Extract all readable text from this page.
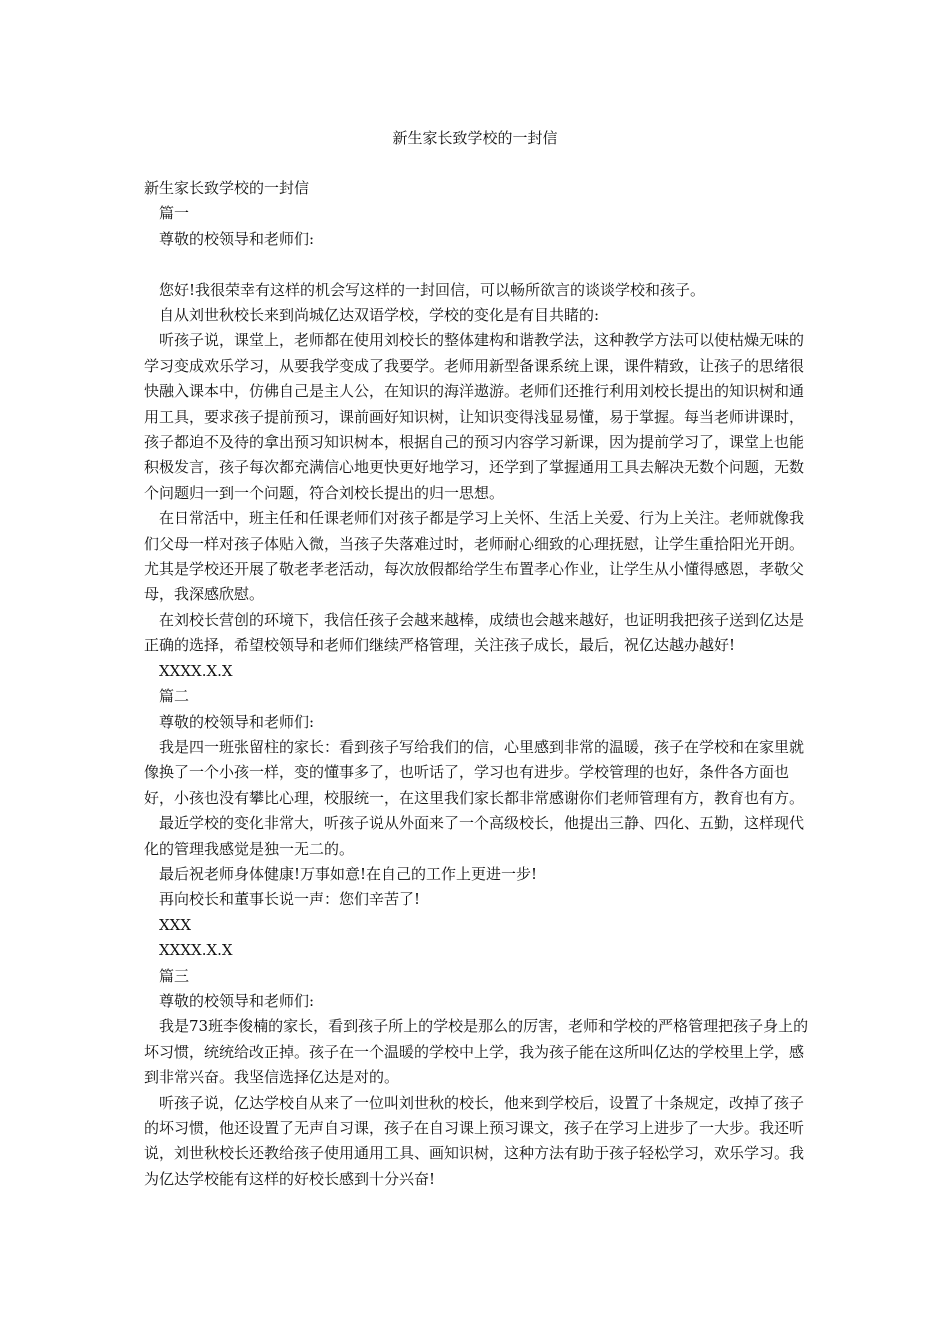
新生家长致学校的一封信

新生家长致学校的一封信

篇一

尊敬的校领导和老师们:

您好!我很荣幸有这样的机会写这样的一封回信，可以畅所欲言的谈谈学校和孩子。

自从刘世秋校长来到尚城亿达双语学校，学校的变化是有目共睹的:

听孩子说，课堂上，老师都在使用刘校长的整体建构和谐教学法，这种教学方法可以使枯燥无味的学习变成欢乐学习，从要我学变成了我要学。老师用新型备课系统上课，课件精致，让孩子的思绪很快融入课本中，仿佛自己是主人公，在知识的海洋遨游。老师们还推行利用刘校长提出的知识树和通用工具，要求孩子提前预习，课前画好知识树，让知识变得浅显易懂，易于掌握。每当老师讲课时，孩子都迫不及待的拿出预习知识树本，根据自己的预习内容学习新课，因为提前学习了，课堂上也能积极发言，孩子每次都充满信心地更快更好地学习，还学到了掌握通用工具去解决无数个问题，无数个问题归一到一个问题，符合刘校长提出的归一思想。

在日常活中，班主任和任课老师们对孩子都是学习上关怀、生活上关爱、行为上关注。老师就像我们父母一样对孩子体贴入微，当孩子失落难过时，老师耐心细致的心理抚慰，让学生重拾阳光开朗。尤其是学校还开展了敬老孝老活动，每次放假都给学生布置孝心作业，让学生从小懂得感恩，孝敬父母，我深感欣慰。

在刘校长营创的环境下，我信任孩子会越来越棒，成绩也会越来越好，也证明我把孩子送到亿达是正确的选择，希望校领导和老师们继续严格管理，关注孩子成长，最后，祝亿达越办越好!

XXXX.X.X

篇二

尊敬的校领导和老师们:

我是四一班张留柱的家长：看到孩子写给我们的信，心里感到非常的温暖，孩子在学校和在家里就像换了一个小孩一样，变的懂事多了，也听话了，学习也有进步。学校管理的也好，条件各方面也好，小孩也没有攀比心理，校服统一，在这里我们家长都非常感谢你们老师管理有方，教育也有方。

最近学校的变化非常大，听孩子说从外面来了一个高级校长，他提出三静、四化、五勤，这样现代化的管理我感觉是独一无二的。

最后祝老师身体健康!万事如意!在自己的工作上更进一步!

再向校长和董事长说一声：您们辛苦了!

XXX

XXXX.X.X

篇三

尊敬的校领导和老师们:

我是73班李俊楠的家长，看到孩子所上的学校是那么的厉害，老师和学校的严格管理把孩子身上的坏习惯，统统给改正掉。孩子在一个温暖的学校中上学，我为孩子能在这所叫亿达的学校里上学，感到非常兴奋。我坚信选择亿达是对的。

听孩子说，亿达学校自从来了一位叫刘世秋的校长，他来到学校后，设置了十条规定，改掉了孩子的坏习惯，他还设置了无声自习课，孩子在自习课上预习课文，孩子在学习上进步了一大步。我还听说，刘世秋校长还教给孩子使用通用工具、画知识树，这种方法有助于孩子轻松学习，欢乐学习。我为亿达学校能有这样的好校长感到十分兴奋!
